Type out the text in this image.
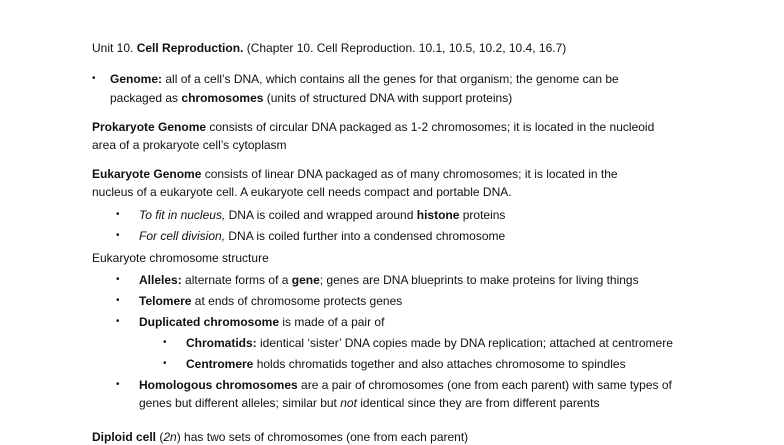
Unit 10. Cell Reproduction. (Chapter 10. Cell Reproduction. 10.1, 10.5, 10.2, 10.4, 16.7)
• Genome: all of a cell’s DNA, which contains all the genes for that organism; the genome can be
packaged as chromosomes (units of structured DNA with support proteins)
Prokaryote Genome consists of circular DNA packaged as 1-2 chromosomes; it is located in the nucleoid
area of a prokaryote cell’s cytoplasm
Eukaryote Genome consists of linear DNA packaged as of many chromosomes; it is located in the
nucleus of a eukaryote cell. A eukaryote cell needs compact and portable DNA.
• To fit in nucleus, DNA is coiled and wrapped around histone proteins
• For cell division, DNA is coiled further into a condensed chromosome
Eukaryote chromosome structure
• Alleles: alternate forms of a gene; genes are DNA blueprints to make proteins for living things
• Telomere at ends of chromosome protects genes
• Duplicated chromosome is made of a pair of
• Chromatids: identical ‘sister’ DNA copies made by DNA replication; attached at centromere
• Centromere holds chromatids together and also attaches chromosome to spindles
• Homologous chromosomes are a pair of chromosomes (one from each parent) with same types of
genes but different alleles; similar but not identical since they are from different parents
Diploid cell (2n) has two sets of chromosomes (one from each parent)
